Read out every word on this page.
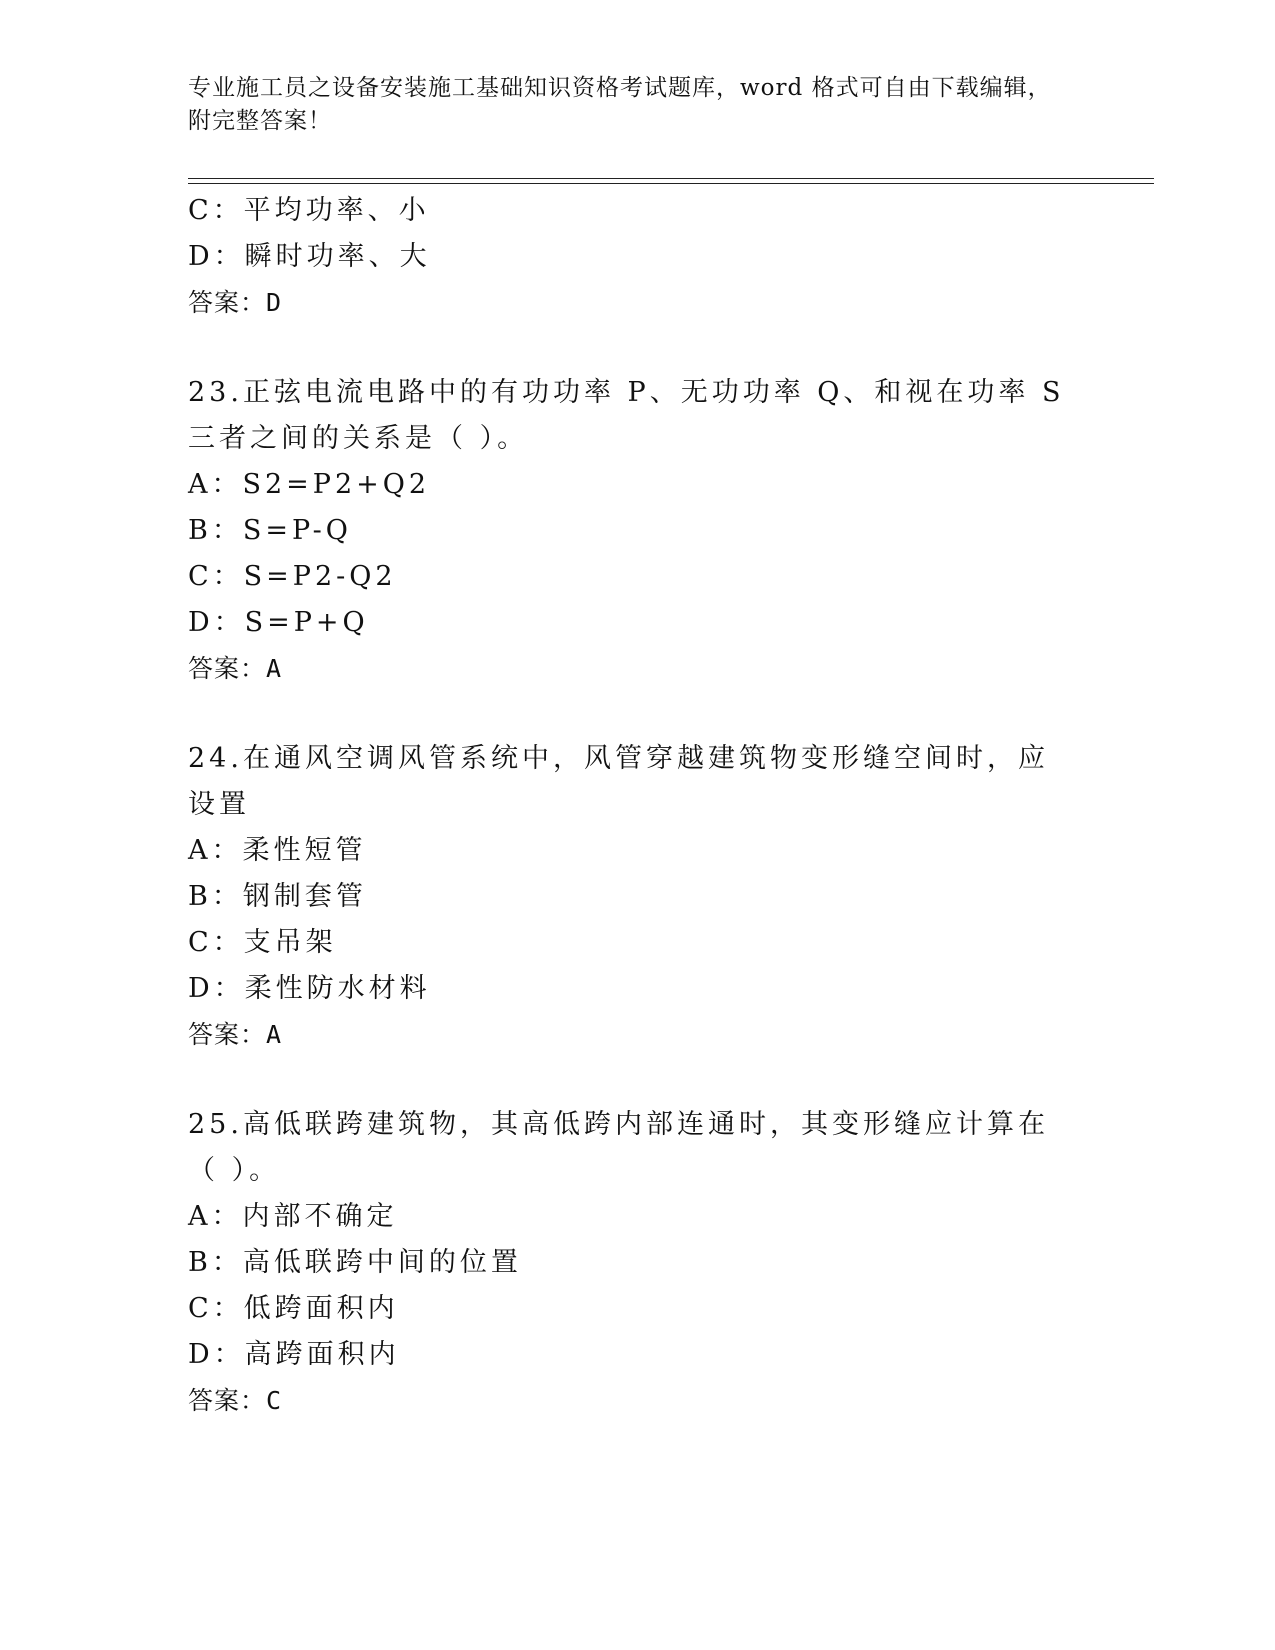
专业施工员之设备安装施工基础知识资格考试题库，word 格式可自由下载编辑，附完整答案！
C：平均功率、小
D：瞬时功率、大
答案：D
23.正弦电流电路中的有功功率 P、无功功率 Q、和视在功率 S 三者之间的关系是（ ）。
A：S2=P2+Q2
B：S=P-Q
C：S=P2-Q2
D：S=P+Q
答案：A
24.在通风空调风管系统中，风管穿越建筑物变形缝空间时，应设置
A：柔性短管
B：钢制套管
C：支吊架
D：柔性防水材料
答案：A
25.高低联跨建筑物，其高低跨内部连通时，其变形缝应计算在（ ）。
A：内部不确定
B：高低联跨中间的位置
C：低跨面积内
D：高跨面积内
答案：C
